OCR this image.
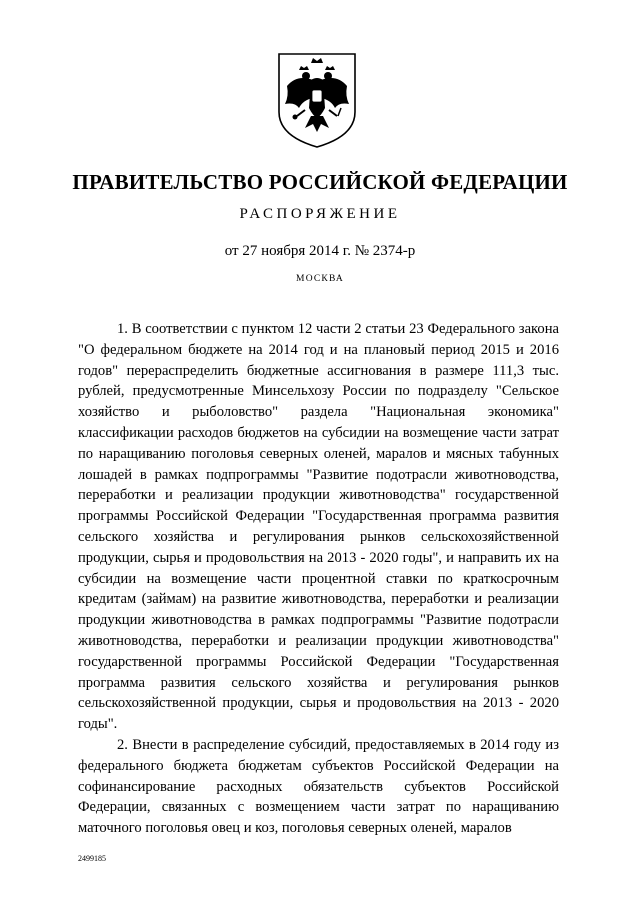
ПРАВИТЕЛЬСТВО РОССИЙСКОЙ ФЕДЕРАЦИИ
РАСПОРЯЖЕНИЕ
от 27 ноября 2014 г. № 2374-р
МОСКВА

1. В соответствии с пунктом 12 части 2 статьи 23 Федерального закона "О федеральном бюджете на 2014 год и на плановый период 2015 и 2016 годов" перераспределить бюджетные ассигнования в размере 111,3 тыс. рублей, предусмотренные Минсельхозу России по подразделу "Сельское хозяйство и рыболовство" раздела "Национальная экономика" классификации расходов бюджетов на субсидии на возмещение части затрат по наращиванию поголовья северных оленей, маралов и мясных табунных лошадей в рамках подпрограммы "Развитие подотрасли животноводства, переработки и реализации продукции животноводства" государственной программы Российской Федерации "Государственная программа развития сельского хозяйства и регулирования рынков сельскохозяйственной продукции, сырья и продовольствия на 2013 - 2020 годы", и направить их на субсидии на возмещение части процентной ставки по краткосрочным кредитам (займам) на развитие животноводства, переработки и реализации продукции животноводства в рамках подпрограммы "Развитие подотрасли животноводства, переработки и реализации продукции животноводства" государственной программы Российской Федерации "Государственная программа развития сельского хозяйства и регулирования рынков сельскохозяйственной продукции, сырья и продовольствия на 2013 - 2020 годы".

2. Внести в распределение субсидий, предоставляемых в 2014 году из федерального бюджета бюджетам субъектов Российской Федерации на софинансирование расходных обязательств субъектов Российской Федерации, связанных с возмещением части затрат по наращиванию маточного поголовья овец и коз, поголовья северных оленей, маралов

2499185
